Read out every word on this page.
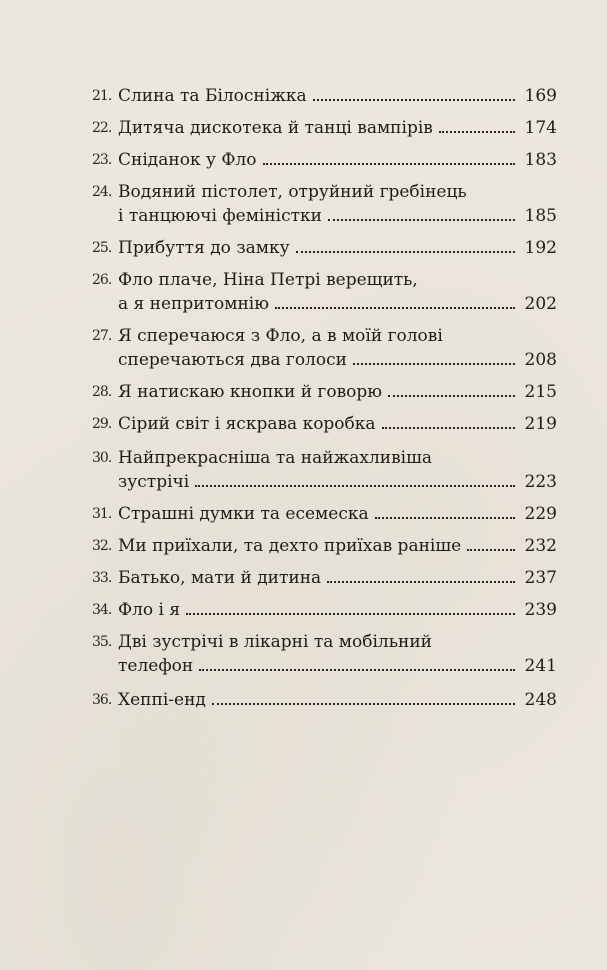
21. Слина та Білосніжка	169
22. Дитяча дискотека й танці вампірів	174
23. Сніданок у Фло	183
24. Водяний пістолет, отруйний гребінець
і танцюючі феміністки	185
25. Прибуття до замку	192
26. Фло плаче, Ніна Петрі верещить,
а я непритомнію	202
27. Я сперечаюся з Фло, а в моїй голові
сперечаються два голоси	208
28. Я натискаю кнопки й говорю	215
29. Сірий світ і яскрава коробка	219
30. Найпрекрасніша та найжахливіша
зустрічі	223
31. Страшні думки та есемеска	229
32. Ми приїхали, та дехто приїхав раніше	232
33. Батько, мати й дитина	237
34. Фло і я	239
35. Дві зустрічі в лікарні та мобільний
телефон	241
36. Хеппі-енд	248
